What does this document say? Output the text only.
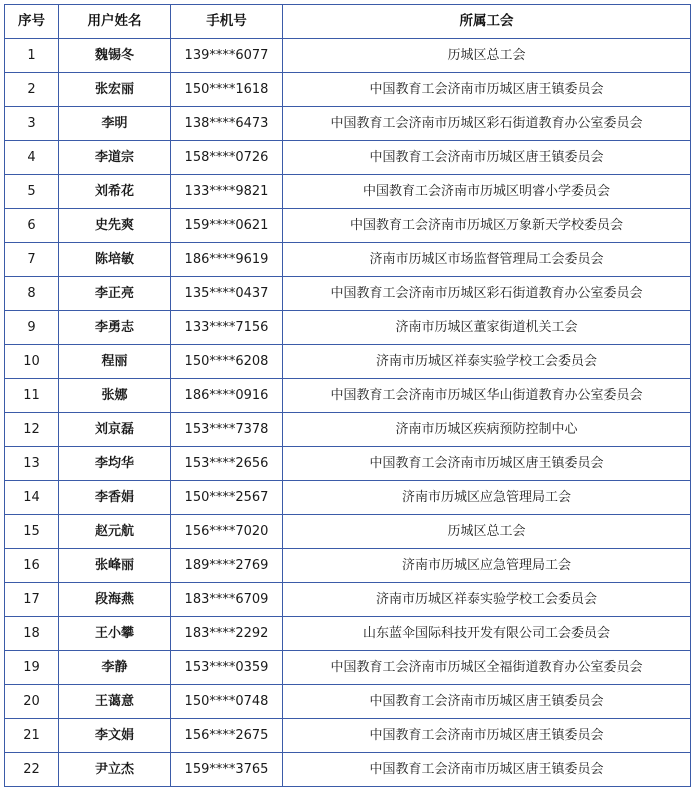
序号	用户姓名	手机号	所属工会
1	魏锡冬	139****6077	历城区总工会
2	张宏丽	150****1618	中国教育工会济南市历城区唐王镇委员会
3	李明	138****6473	中国教育工会济南市历城区彩石街道教育办公室委员会
4	李道宗	158****0726	中国教育工会济南市历城区唐王镇委员会
5	刘希花	133****9821	中国教育工会济南市历城区明睿小学委员会
6	史先爽	159****0621	中国教育工会济南市历城区万象新天学校委员会
7	陈培敏	186****9619	济南市历城区市场监督管理局工会委员会
8	李正亮	135****0437	中国教育工会济南市历城区彩石街道教育办公室委员会
9	李勇志	133****7156	济南市历城区董家街道机关工会
10	程丽	150****6208	济南市历城区祥泰实验学校工会委员会
11	张娜	186****0916	中国教育工会济南市历城区华山街道教育办公室委员会
12	刘京磊	153****7378	济南市历城区疾病预防控制中心
13	李均华	153****2656	中国教育工会济南市历城区唐王镇委员会
14	李香娟	150****2567	济南市历城区应急管理局工会
15	赵元航	156****7020	历城区总工会
16	张峰丽	189****2769	济南市历城区应急管理局工会
17	段海燕	183****6709	济南市历城区祥泰实验学校工会委员会
18	王小攀	183****2292	山东蓝伞国际科技开发有限公司工会委员会
19	李静	153****0359	中国教育工会济南市历城区全福街道教育办公室委员会
20	王蔼意	150****0748	中国教育工会济南市历城区唐王镇委员会
21	李文娟	156****2675	中国教育工会济南市历城区唐王镇委员会
22	尹立杰	159****3765	中国教育工会济南市历城区唐王镇委员会
